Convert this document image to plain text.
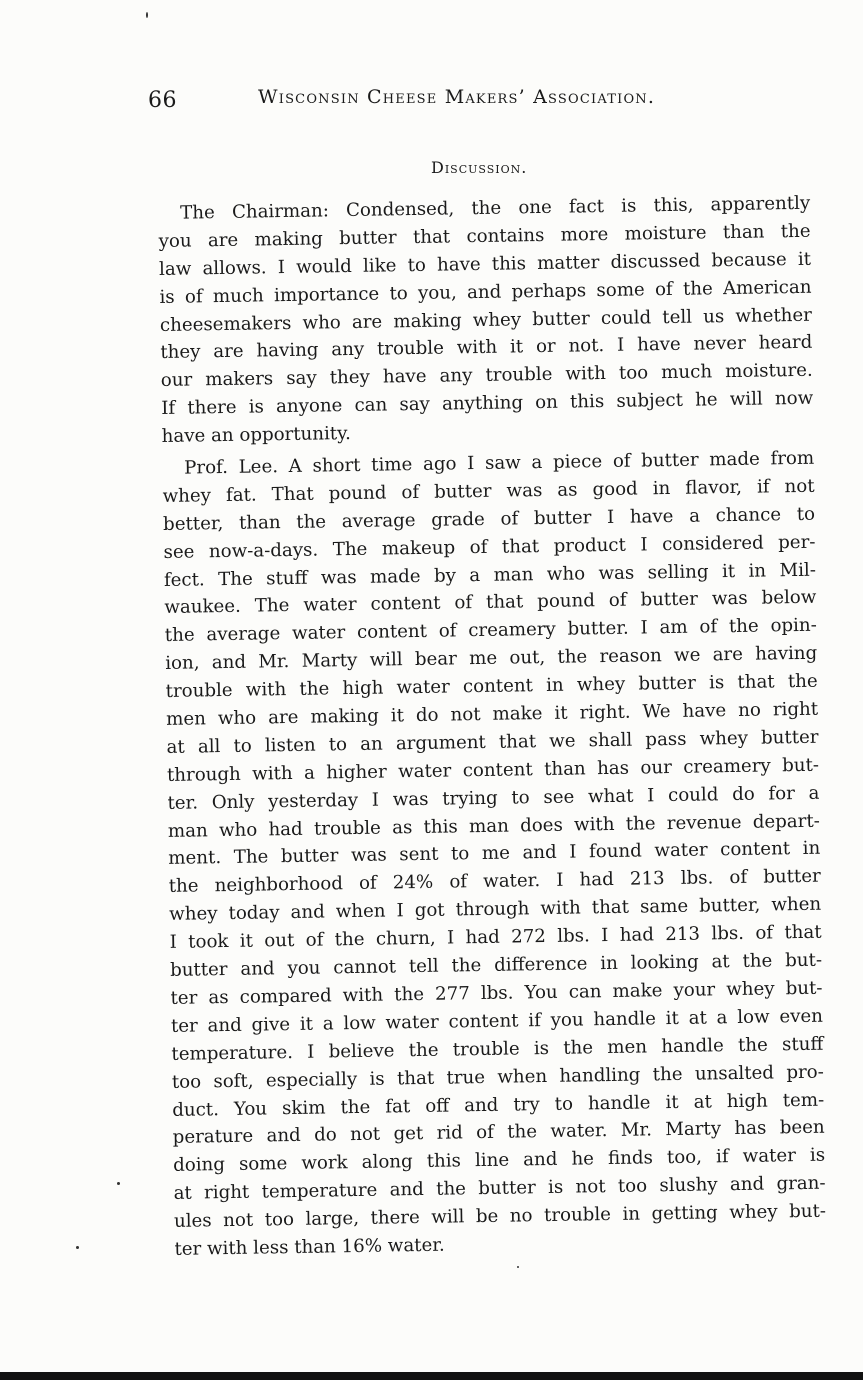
66	Wisconsin Cheese Makers’ Association.
Discussion.
The Chairman: Condensed, the one fact is this, apparently
you are making butter that contains more moisture than the
law allows. I would like to have this matter discussed because it
is of much importance to you, and perhaps some of the American
cheesemakers who are making whey butter could tell us whether
they are having any trouble with it or not. I have never heard
our makers say they have any trouble with too much moisture.
If there is anyone can say anything on this subject he will now
have an opportunity.
Prof. Lee. A short time ago I saw a piece of butter made from
whey fat. That pound of butter was as good in flavor, if not
better, than the average grade of butter I have a chance to
see now-a-days. The makeup of that product I considered per-
fect. The stuff was made by a man who was selling it in Mil-
waukee. The water content of that pound of butter was below
the average water content of creamery butter. I am of the opin-
ion, and Mr. Marty will bear me out, the reason we are having
trouble with the high water content in whey butter is that the
men who are making it do not make it right. We have no right
at all to listen to an argument that we shall pass whey butter
through with a higher water content than has our creamery but-
ter. Only yesterday I was trying to see what I could do for a
man who had trouble as this man does with the revenue depart-
ment. The butter was sent to me and I found water content in
the neighborhood of 24% of water. I had 213 lbs. of butter
whey today and when I got through with that same butter, when
I took it out of the churn, I had 272 lbs. I had 213 lbs. of that
butter and you cannot tell the difference in looking at the but-
ter as compared with the 277 lbs. You can make your whey but-
ter and give it a low water content if you handle it at a low even
temperature. I believe the trouble is the men handle the stuff
too soft, especially is that true when handling the unsalted pro-
duct. You skim the fat off and try to handle it at high tem-
perature and do not get rid of the water. Mr. Marty has been
doing some work along this line and he finds too, if water is
at right temperature and the butter is not too slushy and gran-
ules not too large, there will be no trouble in getting whey but-
ter with less than 16% water.
